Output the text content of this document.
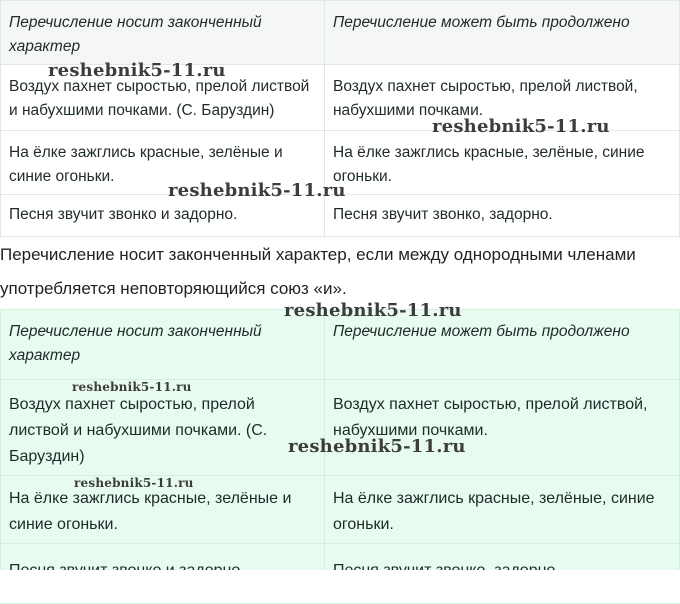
Перечисление носит законченный характер	Перечисление может быть продолжено
Воздух пахнет сыростью, прелой листвой и набухшими почками. (С. Баруздин)	Воздух пахнет сыростью, прелой листвой, набухшими почками.
На ёлке зажглись красные, зелёные и синие огоньки.	На ёлке зажглись красные, зелёные, синие огоньки.
Песня звучит звонко и задорно.	Песня звучит звонко, задорно.
Перечисление носит законченный характер, если между однородными членами употребляется неповторяющийся союз «и».
Перечисление носит законченный характер	Перечисление может быть продолжено
Воздух пахнет сыростью, прелой листвой и набухшими почками. (С. Баруздин)	Воздух пахнет сыростью, прелой листвой, набухшими почками.
На ёлке зажглись красные, зелёные и синие огоньки.	На ёлке зажглись красные, зелёные, синие огоньки.

reshebnik5-11.ru
reshebnik5-11.ru
reshebnik5-11.ru
reshebnik5-11.ru
reshebnik5-11.ru
reshebnik5-11.ru
reshebnik5-11.ru
